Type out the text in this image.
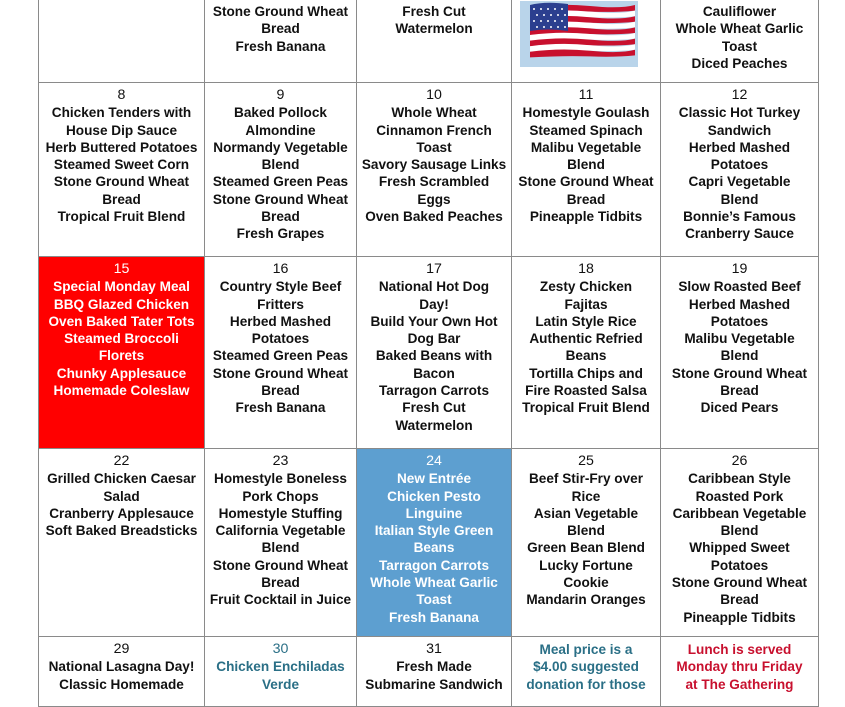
Stone Ground Wheat
Bread
Fresh Banana
Fresh Cut
Watermelon
Cauliflower
Whole Wheat Garlic
Toast
Diced Peaches
8
Chicken Tenders with
House Dip Sauce
Herb Buttered Potatoes
Steamed Sweet Corn
Stone Ground Wheat
Bread
Tropical Fruit Blend
9
Baked Pollock
Almondine
Normandy Vegetable
Blend
Steamed Green Peas
Stone Ground Wheat
Bread
Fresh Grapes
10
Whole Wheat
Cinnamon French
Toast
Savory Sausage Links
Fresh Scrambled
Eggs
Oven Baked Peaches
11
Homestyle Goulash
Steamed Spinach
Malibu Vegetable
Blend
Stone Ground Wheat
Bread
Pineapple Tidbits
12
Classic Hot Turkey
Sandwich
Herbed Mashed
Potatoes
Capri Vegetable
Blend
Bonnie’s Famous
Cranberry Sauce
15
Special Monday Meal
BBQ Glazed Chicken
Oven Baked Tater Tots
Steamed Broccoli
Florets
Chunky Applesauce
Homemade Coleslaw
16
Country Style Beef
Fritters
Herbed Mashed
Potatoes
Steamed Green Peas
Stone Ground Wheat
Bread
Fresh Banana
17
National Hot Dog
Day!
Build Your Own Hot
Dog Bar
Baked Beans with
Bacon
Tarragon Carrots
Fresh Cut
Watermelon
18
Zesty Chicken
Fajitas
Latin Style Rice
Authentic Refried
Beans
Tortilla Chips and
Fire Roasted Salsa
Tropical Fruit Blend
19
Slow Roasted Beef
Herbed Mashed
Potatoes
Malibu Vegetable
Blend
Stone Ground Wheat
Bread
Diced Pears
22
Grilled Chicken Caesar
Salad
Cranberry Applesauce
Soft Baked Breadsticks
23
Homestyle Boneless
Pork Chops
Homestyle Stuffing
California Vegetable
Blend
Stone Ground Wheat
Bread
Fruit Cocktail in Juice
24
New Entrée
Chicken Pesto
Linguine
Italian Style Green
Beans
Tarragon Carrots
Whole Wheat Garlic
Toast
Fresh Banana
25
Beef Stir-Fry over
Rice
Asian Vegetable
Blend
Green Bean Blend
Lucky Fortune
Cookie
Mandarin Oranges
26
Caribbean Style
Roasted Pork
Caribbean Vegetable
Blend
Whipped Sweet
Potatoes
Stone Ground Wheat
Bread
Pineapple Tidbits
29
National Lasagna Day!
Classic Homemade
30
Chicken Enchiladas
Verde
31
Fresh Made
Submarine Sandwich
Meal price is a
$4.00 suggested
donation for those
Lunch is served
Monday thru Friday
at The Gathering
